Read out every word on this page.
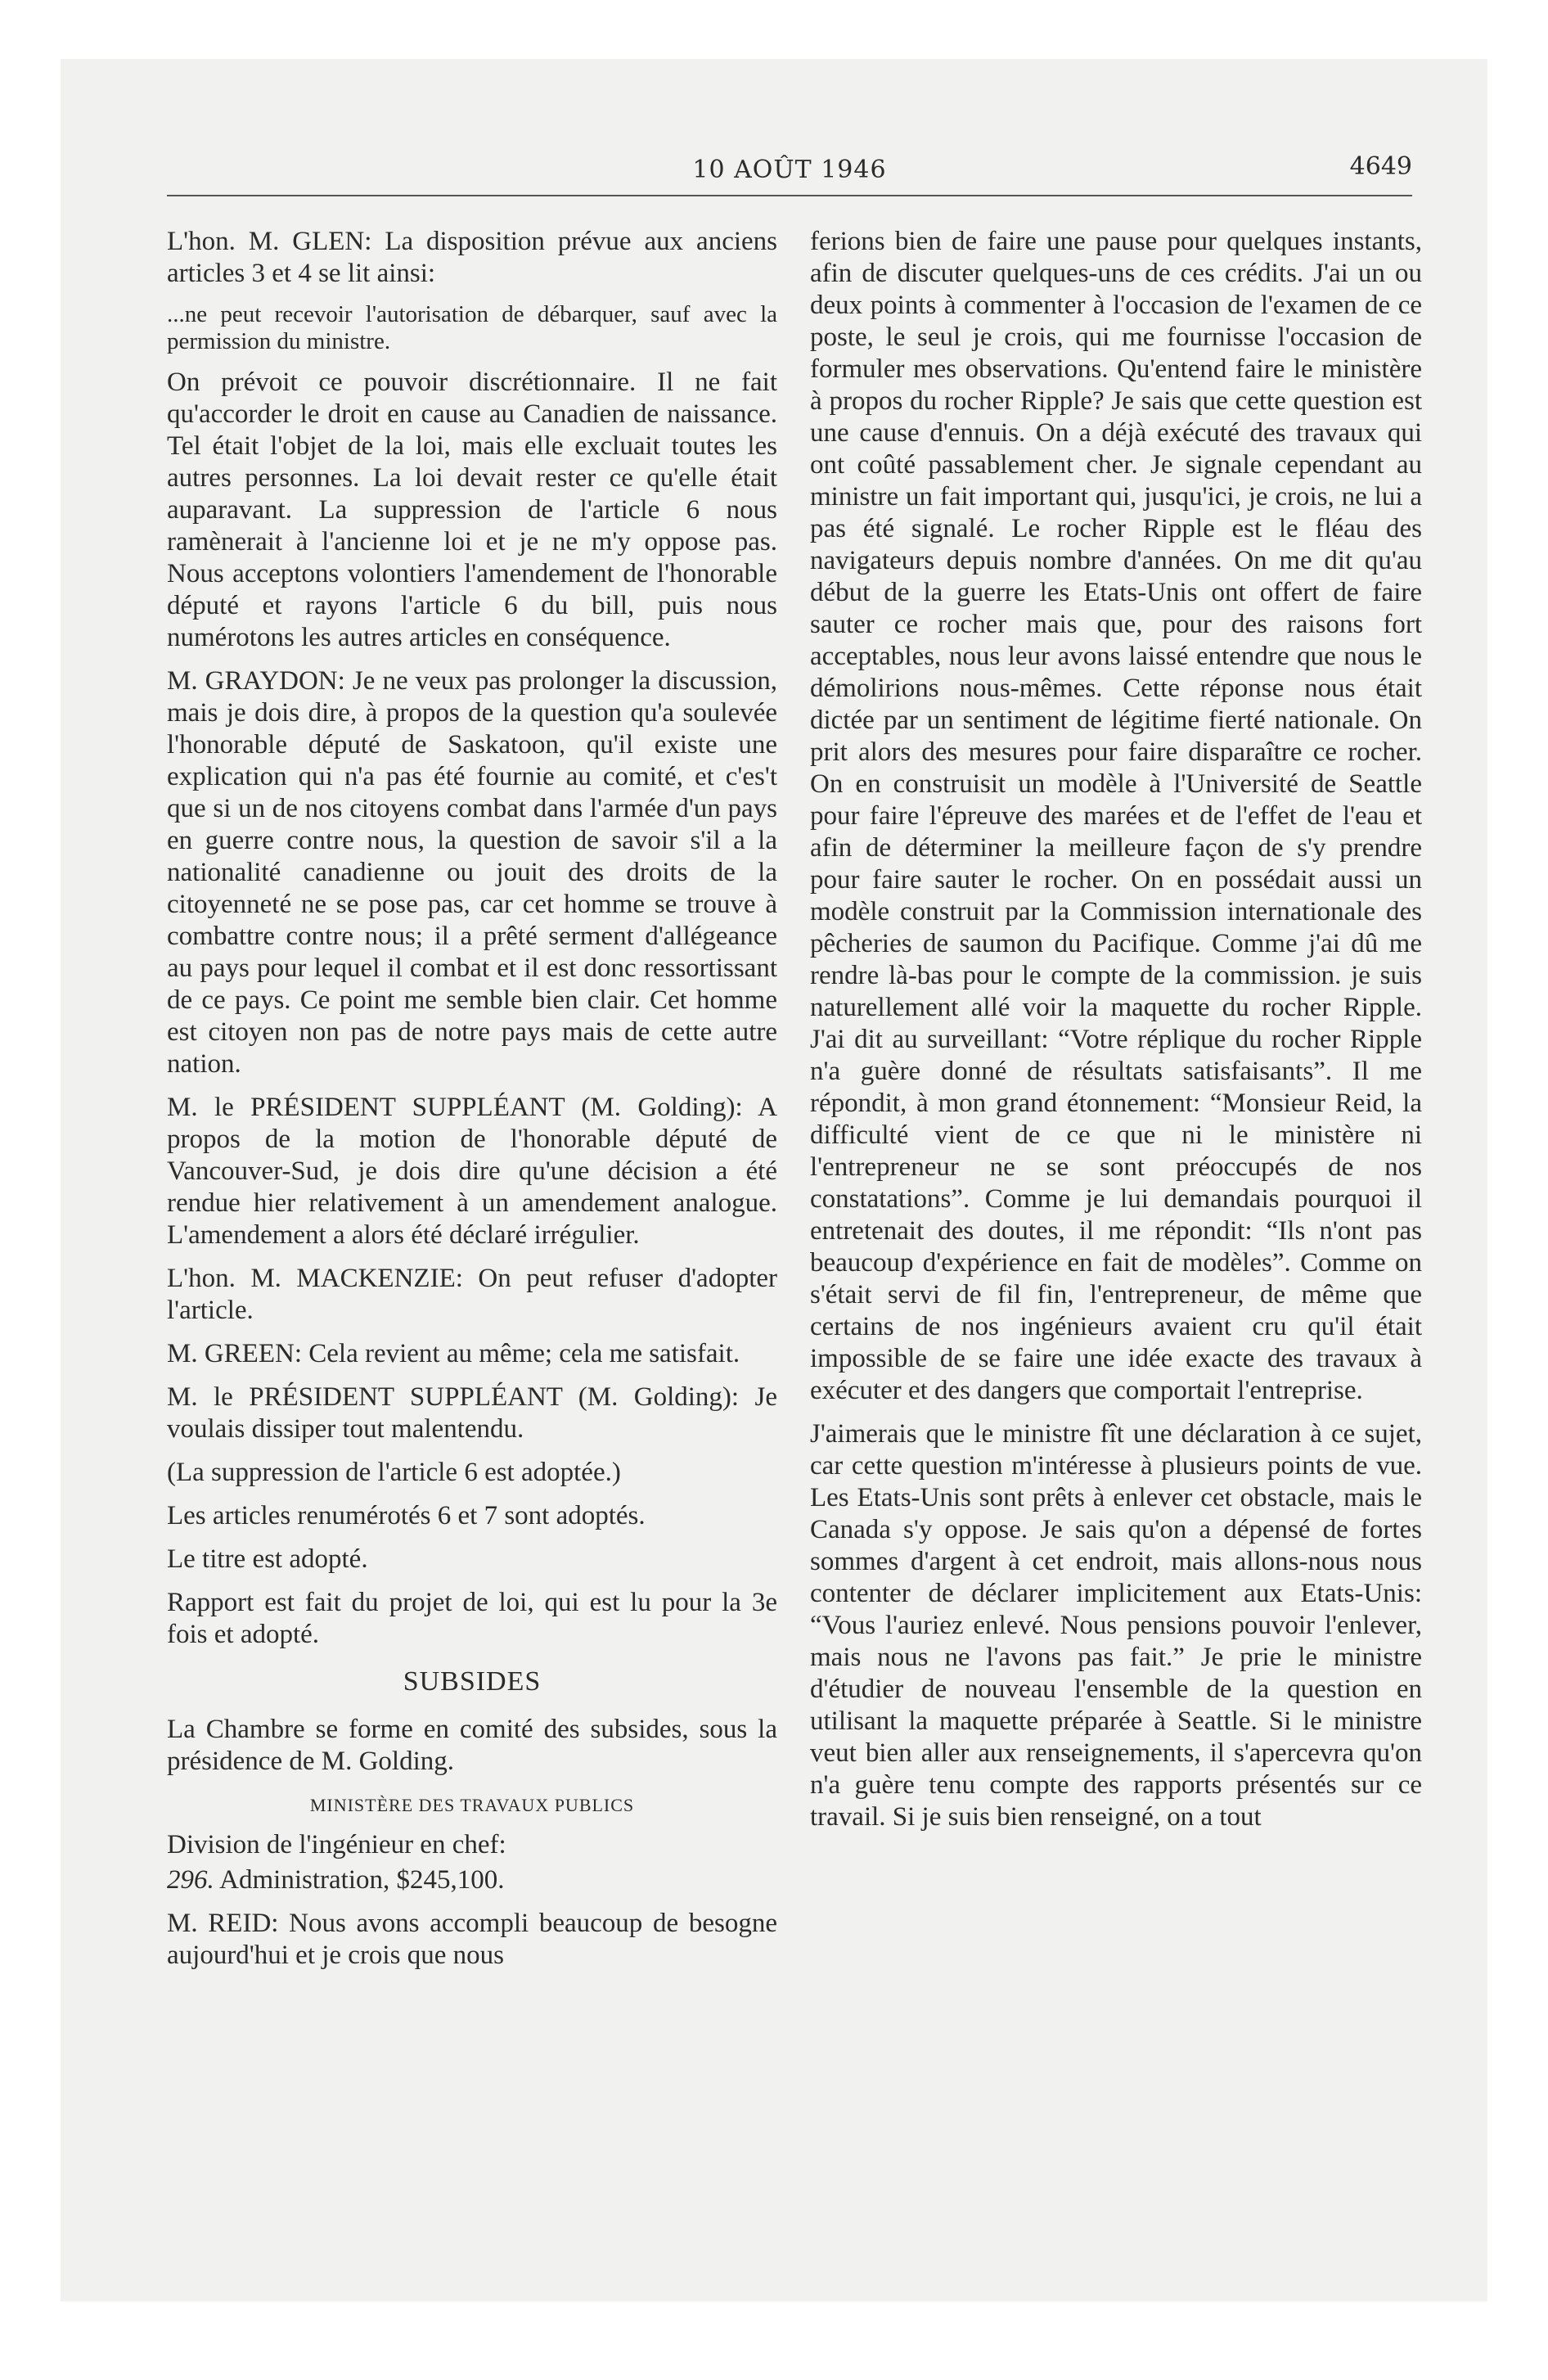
10 AOÛT 1946	4649

L'hon. M. GLEN: La disposition prévue aux anciens articles 3 et 4 se lit ainsi:

...ne peut recevoir l'autorisation de débarquer, sauf avec la permission du ministre.

On prévoit ce pouvoir discrétionnaire. Il ne fait qu'accorder le droit en cause au Canadien de naissance. Tel était l'objet de la loi, mais elle excluait toutes les autres personnes. La loi devait rester ce qu'elle était auparavant. La suppression de l'article 6 nous ramènerait à l'ancienne loi et je ne m'y oppose pas. Nous acceptons volontiers l'amendement de l'honorable député et rayons l'article 6 du bill, puis nous numérotons les autres articles en conséquence.

M. GRAYDON: Je ne veux pas prolonger la discussion, mais je dois dire, à propos de la question qu'a soulevée l'honorable député de Saskatoon, qu'il existe une explication qui n'a pas été fournie au comité, et c'es't que si un de nos citoyens combat dans l'armée d'un pays en guerre contre nous, la question de savoir s'il a la nationalité canadienne ou jouit des droits de la citoyenneté ne se pose pas, car cet homme se trouve à combattre contre nous; il a prêté serment d'allégeance au pays pour lequel il combat et il est donc ressortissant de ce pays. Ce point me semble bien clair. Cet homme est citoyen non pas de notre pays mais de cette autre nation.

M. le PRÉSIDENT SUPPLÉANT (M. Golding): A propos de la motion de l'honorable député de Vancouver-Sud, je dois dire qu'une décision a été rendue hier relativement à un amendement analogue. L'amendement a alors été déclaré irrégulier.

L'hon. M. MACKENZIE: On peut refuser d'adopter l'article.

M. GREEN: Cela revient au même; cela me satisfait.

M. le PRÉSIDENT SUPPLÉANT (M. Golding): Je voulais dissiper tout malentendu.

(La suppression de l'article 6 est adoptée.)

Les articles renumérotés 6 et 7 sont adoptés.

Le titre est adopté.

Rapport est fait du projet de loi, qui est lu pour la 3e fois et adopté.

SUBSIDES

La Chambre se forme en comité des subsides, sous la présidence de M. Golding.

MINISTÈRE DES TRAVAUX PUBLICS

Division de l'ingénieur en chef:

296. Administration, $245,100.

M. REID: Nous avons accompli beaucoup de besogne aujourd'hui et je crois que nous

ferions bien de faire une pause pour quelques instants, afin de discuter quelques-uns de ces crédits. J'ai un ou deux points à commenter à l'occasion de l'examen de ce poste, le seul je crois, qui me fournisse l'occasion de formuler mes observations. Qu'entend faire le ministère à propos du rocher Ripple? Je sais que cette question est une cause d'ennuis. On a déjà exécuté des travaux qui ont coûté passablement cher. Je signale cependant au ministre un fait important qui, jusqu'ici, je crois, ne lui a pas été signalé. Le rocher Ripple est le fléau des navigateurs depuis nombre d'années. On me dit qu'au début de la guerre les Etats-Unis ont offert de faire sauter ce rocher mais que, pour des raisons fort acceptables, nous leur avons laissé entendre que nous le démolirions nous-mêmes. Cette réponse nous était dictée par un sentiment de légitime fierté nationale. On prit alors des mesures pour faire disparaître ce rocher. On en construisit un modèle à l'Université de Seattle pour faire l'épreuve des marées et de l'effet de l'eau et afin de déterminer la meilleure façon de s'y prendre pour faire sauter le rocher. On en possédait aussi un modèle construit par la Commission internationale des pêcheries de saumon du Pacifique. Comme j'ai dû me rendre là-bas pour le compte de la commission. je suis naturellement allé voir la maquette du rocher Ripple. J'ai dit au surveillant: “Votre réplique du rocher Ripple n'a guère donné de résultats satisfaisants”. Il me répondit, à mon grand étonnement: “Monsieur Reid, la difficulté vient de ce que ni le ministère ni l'entrepreneur ne se sont préoccupés de nos constatations”. Comme je lui demandais pourquoi il entretenait des doutes, il me répondit: “Ils n'ont pas beaucoup d'expérience en fait de modèles”. Comme on s'était servi de fil fin, l'entrepreneur, de même que certains de nos ingénieurs avaient cru qu'il était impossible de se faire une idée exacte des travaux à exécuter et des dangers que comportait l'entreprise.

J'aimerais que le ministre fît une déclaration à ce sujet, car cette question m'intéresse à plusieurs points de vue. Les Etats-Unis sont prêts à enlever cet obstacle, mais le Canada s'y oppose. Je sais qu'on a dépensé de fortes sommes d'argent à cet endroit, mais allons-nous nous contenter de déclarer implicitement aux Etats-Unis: “Vous l'auriez enlevé. Nous pensions pouvoir l'enlever, mais nous ne l'avons pas fait.” Je prie le ministre d'étudier de nouveau l'ensemble de la question en utilisant la maquette préparée à Seattle. Si le ministre veut bien aller aux renseignements, il s'apercevra qu'on n'a guère tenu compte des rapports présentés sur ce travail. Si je suis bien renseigné, on a tout
